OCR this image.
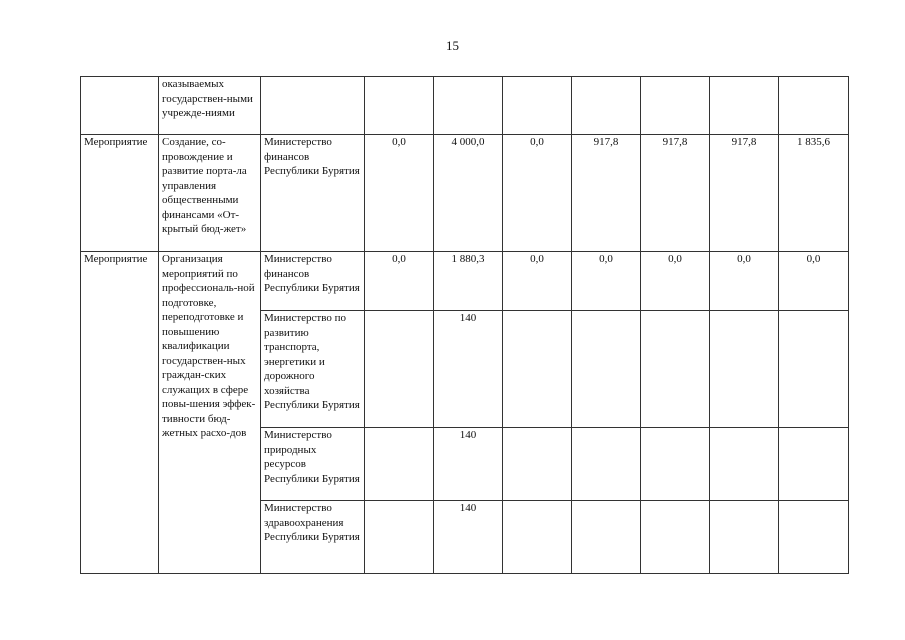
15
	оказываемых государствен-ными учрежде-ниями								
Мероприятие	Создание, со-провождение и развитие порта-ла управления общественными финансами «От-крытый бюд-жет»	Министерство финансов Республики Бурятия	0,0	4 000,0	0,0	917,8	917,8	917,8	1 835,6
Мероприятие	Организация мероприятий по профессиональ-ной подготовке, переподготовке и повышению квалификации государствен-ных граждан-ских служащих в сфере повы-шения эффек-тивности бюд-жетных расхо-дов	Министерство финансов Республики Бурятия	0,0	1 880,3	0,0	0,0	0,0	0,0	0,0
		Министерство по развитию транспорта, энергетики и дорожного хозяйства Республики Бурятия		140					
		Министерство природных ресурсов Республики Бурятия		140					
		Министерство здравоохранения Республики Бурятия		140					
